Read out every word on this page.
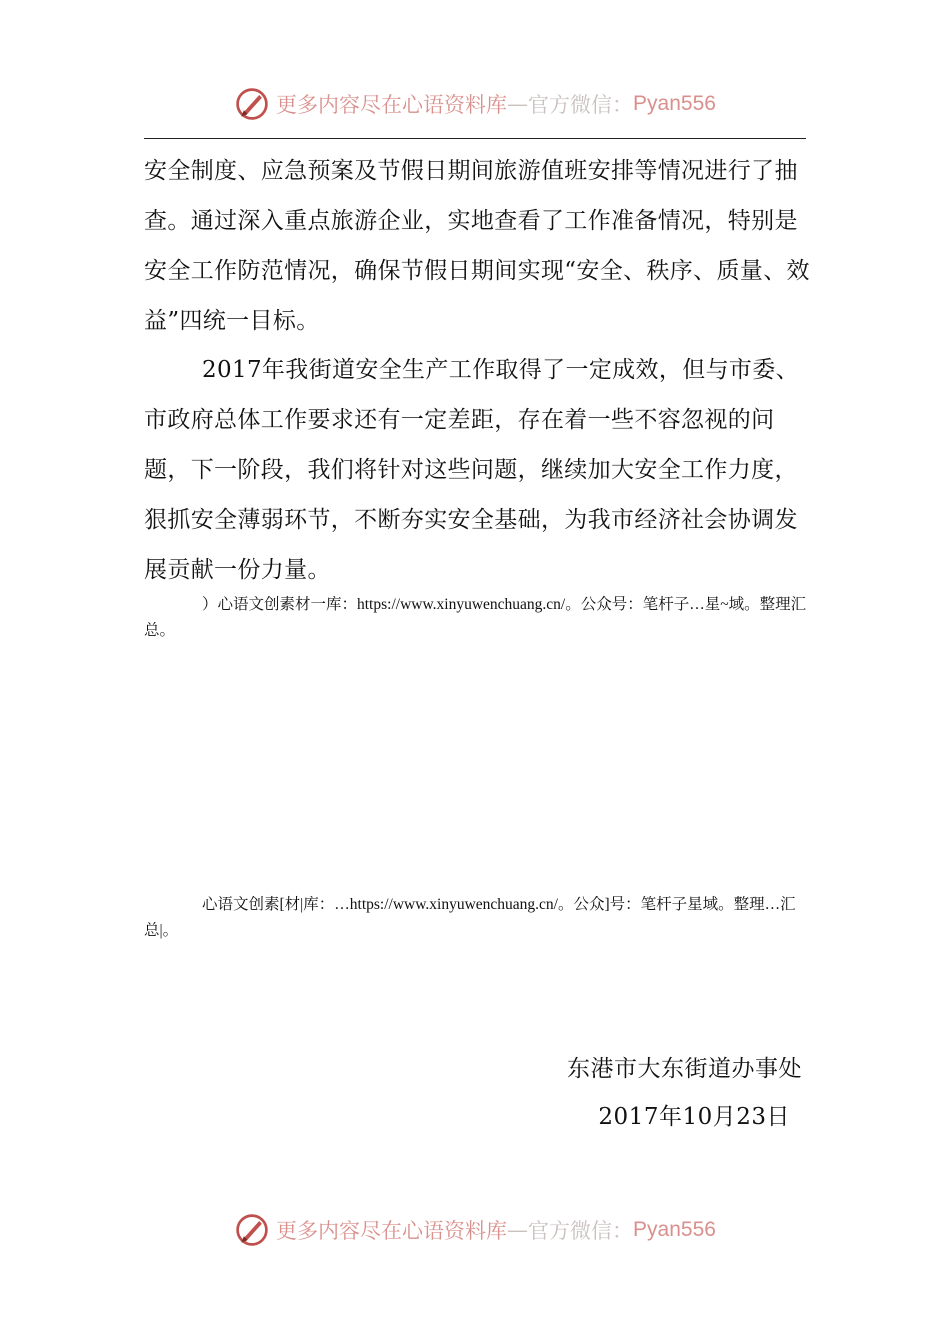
更多内容尽在心语资料库 — 官方微信： Pyan556
安全制度、应急预案及节假日期间旅游值班安排等情况进行了抽查。通过深入重点旅游企业，实地查看了工作准备情况，特别是安全工作防范情况，确保节假日期间实现“安全、秩序、质量、效益”四统一目标。
2017年我街道安全生产工作取得了一定成效，但与市委、市政府总体工作要求还有一定差距，存在着一些不容忽视的问题，下一阶段，我们将针对这些问题，继续加大安全工作力度，狠抓安全薄弱环节，不断夯实安全基础，为我市经济社会协调发展贡献一份力量。
）心语文创素材一库：https://www.xinyuwenchuang.cn/。公众号：笔杆子…星~域。整理汇总。
心语文创素[材|库：…https://www.xinyuwenchuang.cn/。公众]号：笔杆子星域。整理…汇总|。
东港市大东街道办事处
2017年10月23日
更多内容尽在心语资料库 — 官方微信： Pyan556
